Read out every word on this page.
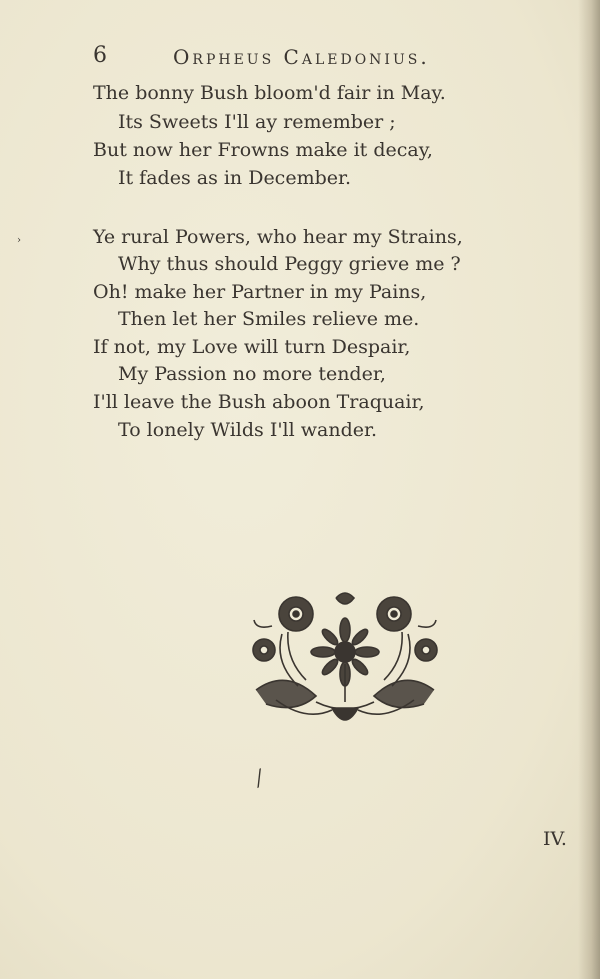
6	Orpheus Caledonius.
The bonny Bush bloom'd fair in May.
Its Sweets I'll ay remember ;
But now her Frowns make it decay,
It fades as in December.
›	Ye rural Powers, who hear my Strains,
Why thus should Peggy grieve me ?
Oh! make her Partner in my Pains,
Then let her Smiles relieve me.
If not, my Love will turn Despair,
My Passion no more tender,
I'll leave the Bush aboon Traquair,
To lonely Wilds I'll wander.
⁄
IV.
